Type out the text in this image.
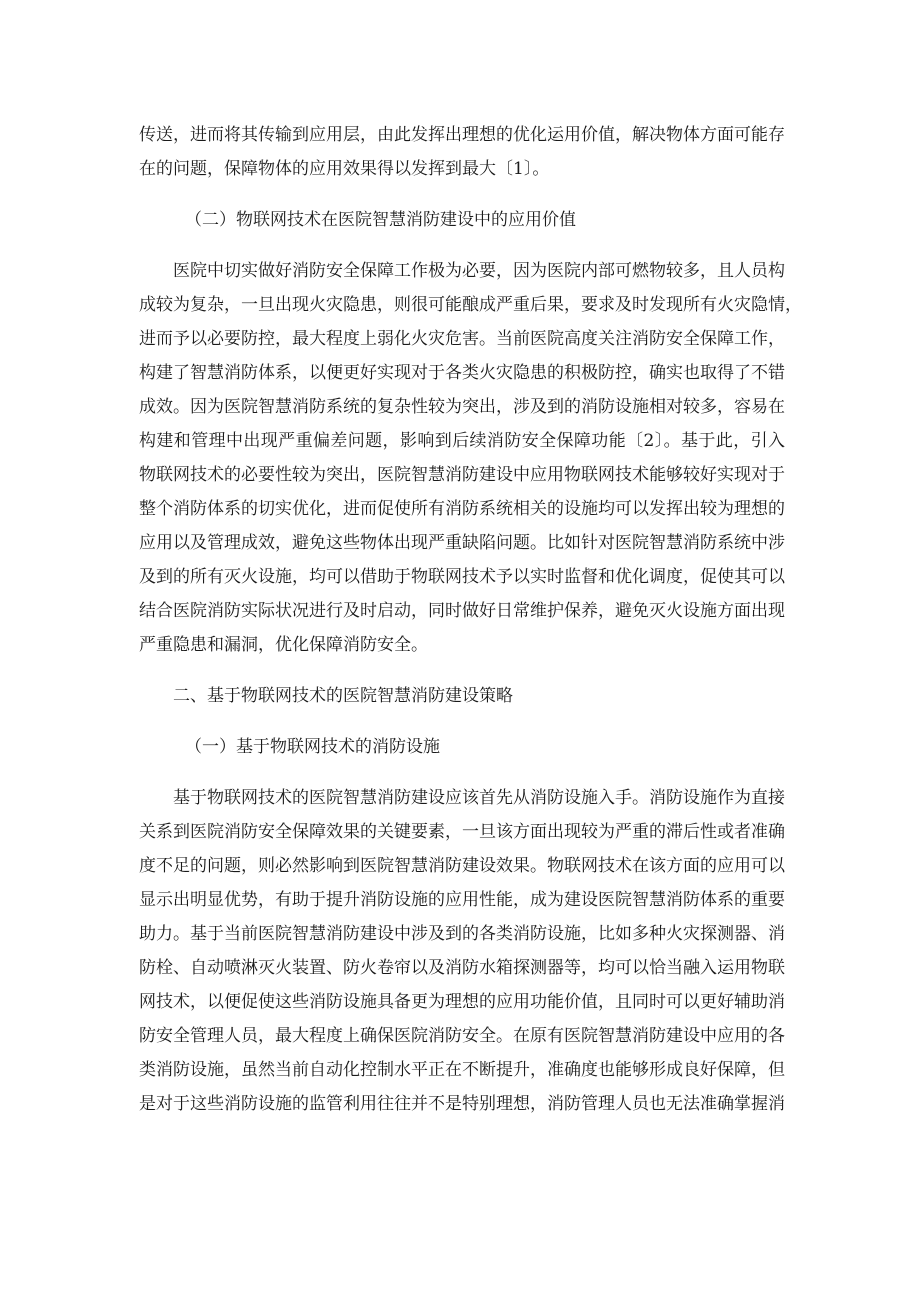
传送，进而将其传输到应用层，由此发挥出理想的优化运用价值，解决物体方面可能存
在的问题，保障物体的应用效果得以发挥到最大〔1〕。
（二）物联网技术在医院智慧消防建设中的应用价值
医院中切实做好消防安全保障工作极为必要，因为医院内部可燃物较多，且人员构
成较为复杂，一旦出现火灾隐患，则很可能酿成严重后果，要求及时发现所有火灾隐情，
进而予以必要防控，最大程度上弱化火灾危害。当前医院高度关注消防安全保障工作，
构建了智慧消防体系，以便更好实现对于各类火灾隐患的积极防控，确实也取得了不错
成效。因为医院智慧消防系统的复杂性较为突出，涉及到的消防设施相对较多，容易在
构建和管理中出现严重偏差问题，影响到后续消防安全保障功能〔2〕。基于此，引入
物联网技术的必要性较为突出，医院智慧消防建设中应用物联网技术能够较好实现对于
整个消防体系的切实优化，进而促使所有消防系统相关的设施均可以发挥出较为理想的
应用以及管理成效，避免这些物体出现严重缺陷问题。比如针对医院智慧消防系统中涉
及到的所有灭火设施，均可以借助于物联网技术予以实时监督和优化调度，促使其可以
结合医院消防实际状况进行及时启动，同时做好日常维护保养，避免灭火设施方面出现
严重隐患和漏洞，优化保障消防安全。
二、基于物联网技术的医院智慧消防建设策略
（一）基于物联网技术的消防设施
基于物联网技术的医院智慧消防建设应该首先从消防设施入手。消防设施作为直接
关系到医院消防安全保障效果的关键要素，一旦该方面出现较为严重的滞后性或者准确
度不足的问题，则必然影响到医院智慧消防建设效果。物联网技术在该方面的应用可以
显示出明显优势，有助于提升消防设施的应用性能，成为建设医院智慧消防体系的重要
助力。基于当前医院智慧消防建设中涉及到的各类消防设施，比如多种火灾探测器、消
防栓、自动喷淋灭火装置、防火卷帘以及消防水箱探测器等，均可以恰当融入运用物联
网技术，以便促使这些消防设施具备更为理想的应用功能价值，且同时可以更好辅助消
防安全管理人员，最大程度上确保医院消防安全。在原有医院智慧消防建设中应用的各
类消防设施，虽然当前自动化控制水平正在不断提升，准确度也能够形成良好保障，但
是对于这些消防设施的监管利用往往并不是特别理想，消防管理人员也无法准确掌握消
